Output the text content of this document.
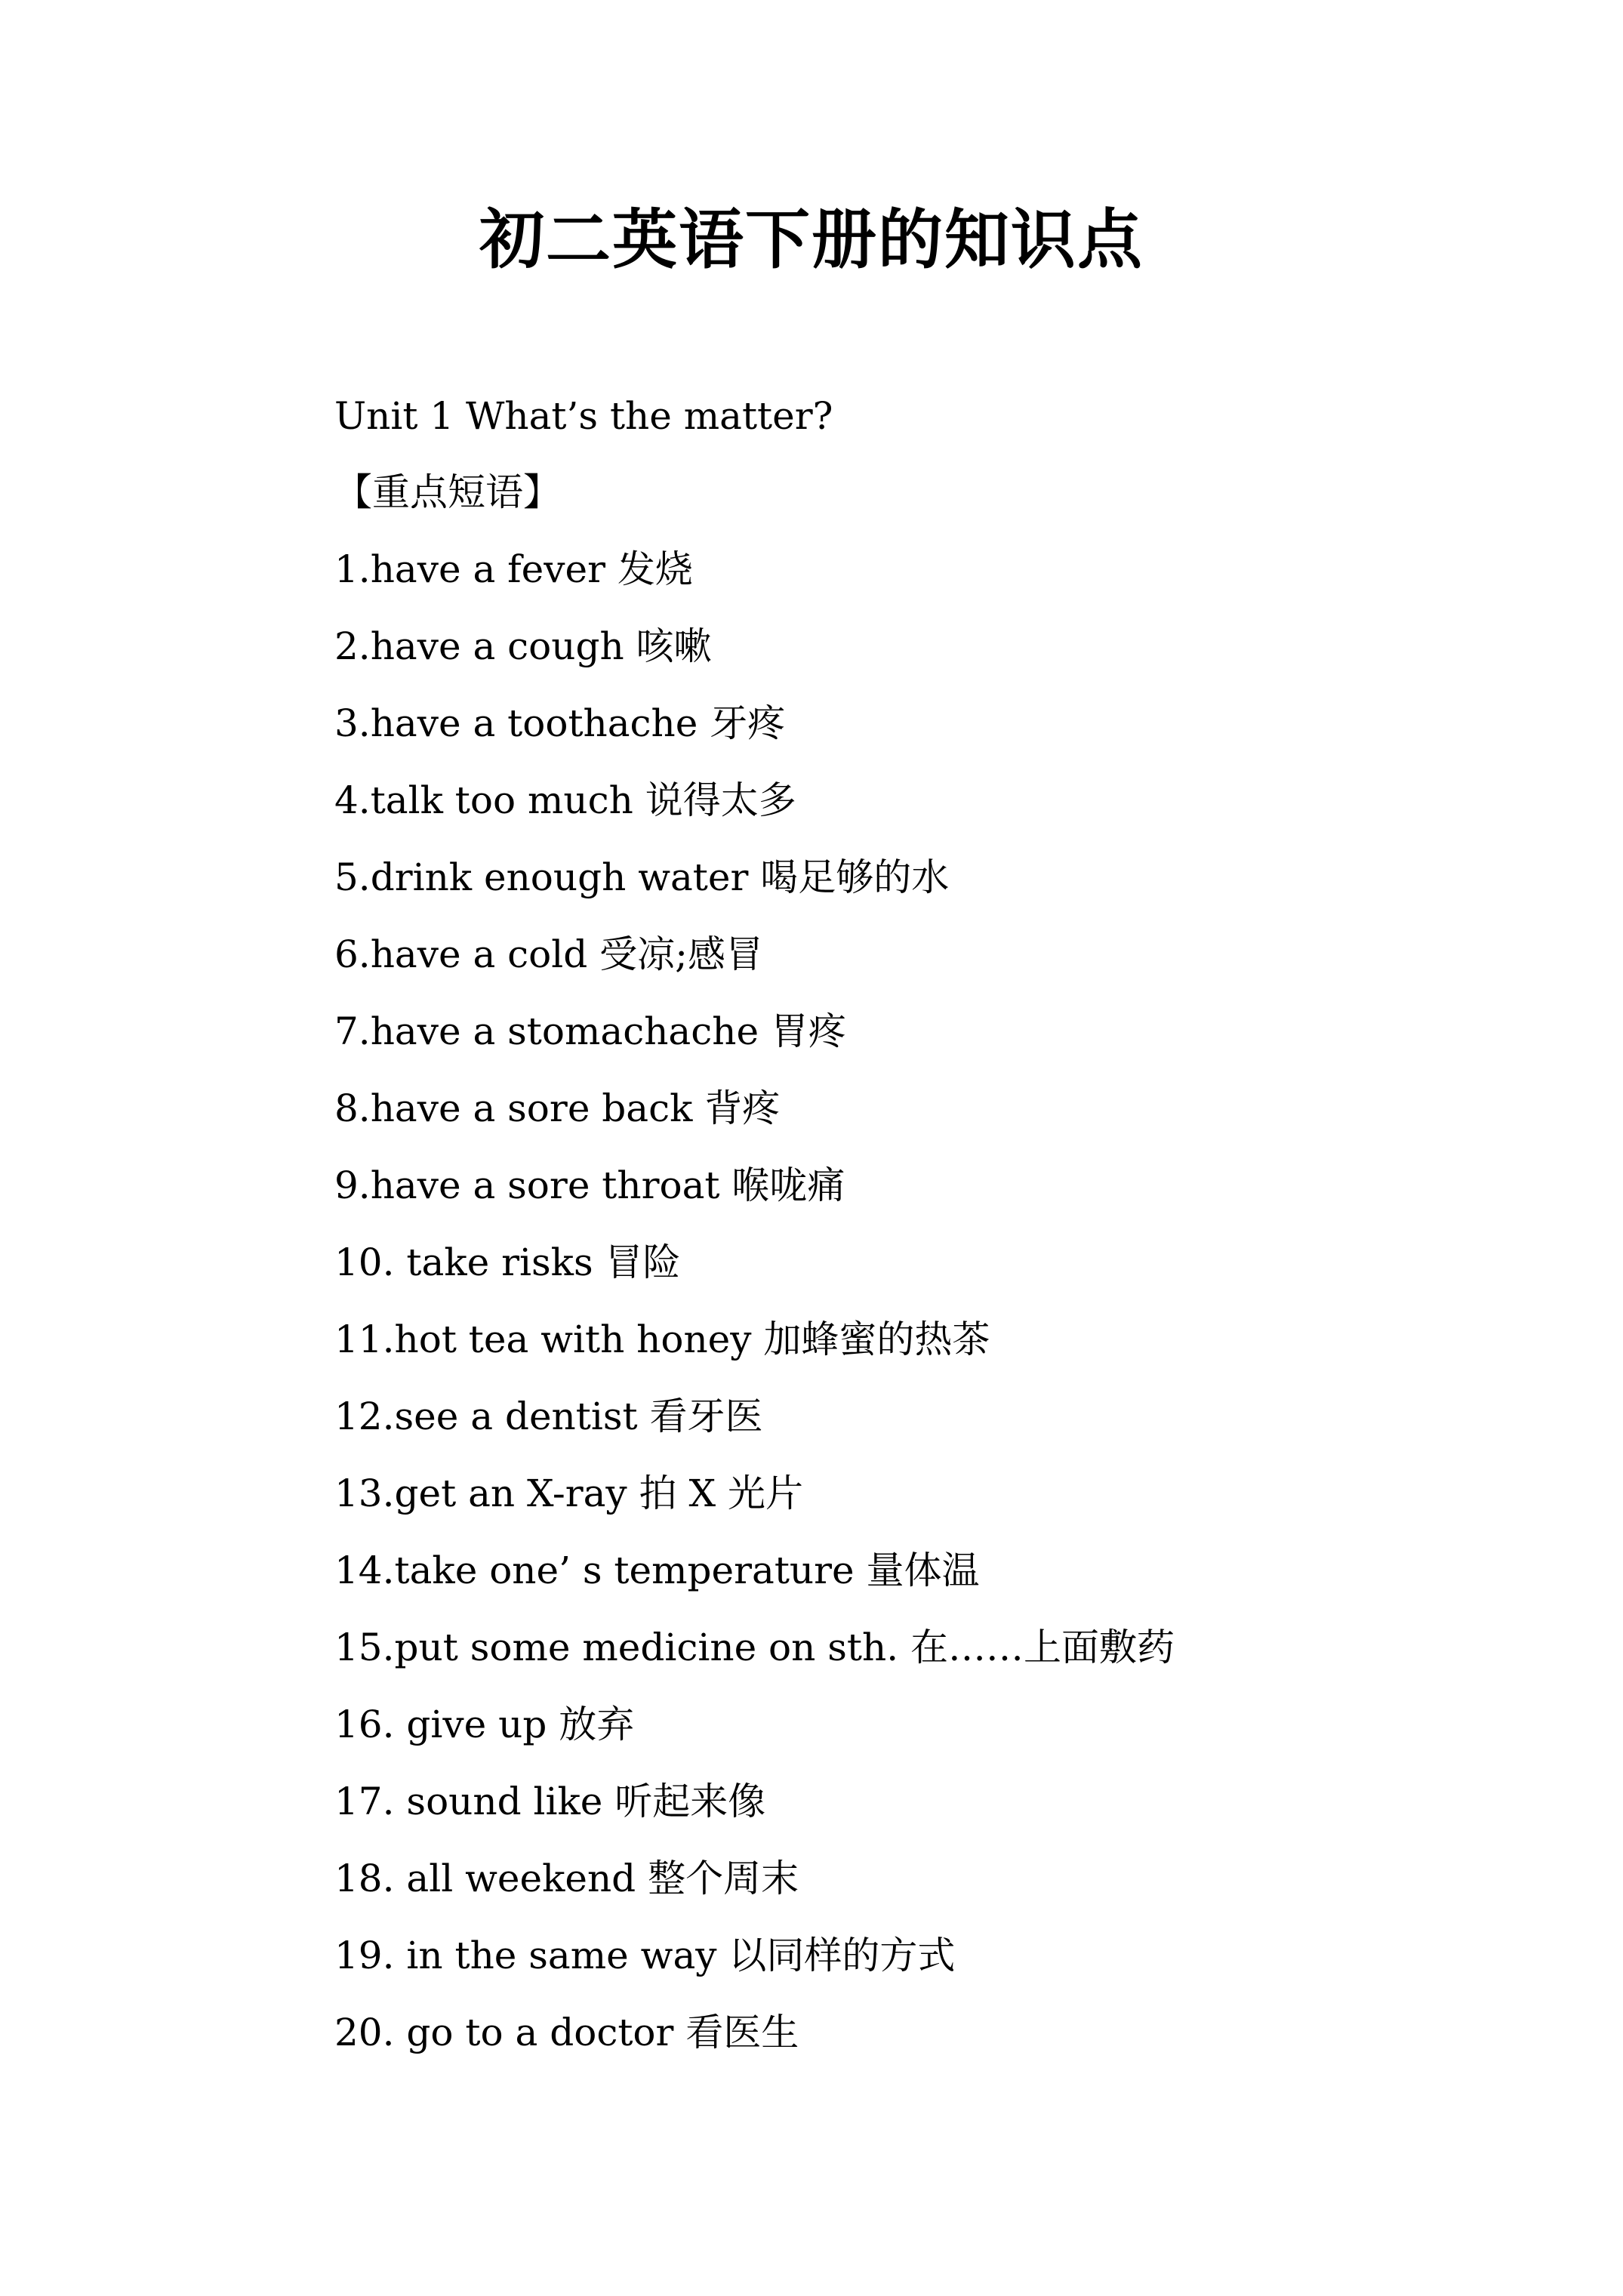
初二英语下册的知识点
Unit 1 What’s the matter?
【重点短语】
1.have a fever 发烧
2.have a cough 咳嗽
3.have a toothache 牙疼
4.talk too much 说得太多
5.drink enough water 喝足够的水
6.have a cold 受凉;感冒
7.have a stomachache 胃疼
8.have a sore back 背疼
9.have a sore throat 喉咙痛
10. take risks 冒险
11.hot tea with honey 加蜂蜜的热茶
12.see a dentist 看牙医
13.get an X-ray 拍 X 光片
14.take one’ s temperature 量体温
15.put some medicine on sth. 在……上面敷药
16. give up 放弃
17. sound like 听起来像
18. all weekend 整个周末
19. in the same way 以同样的方式
20. go to a doctor 看医生
